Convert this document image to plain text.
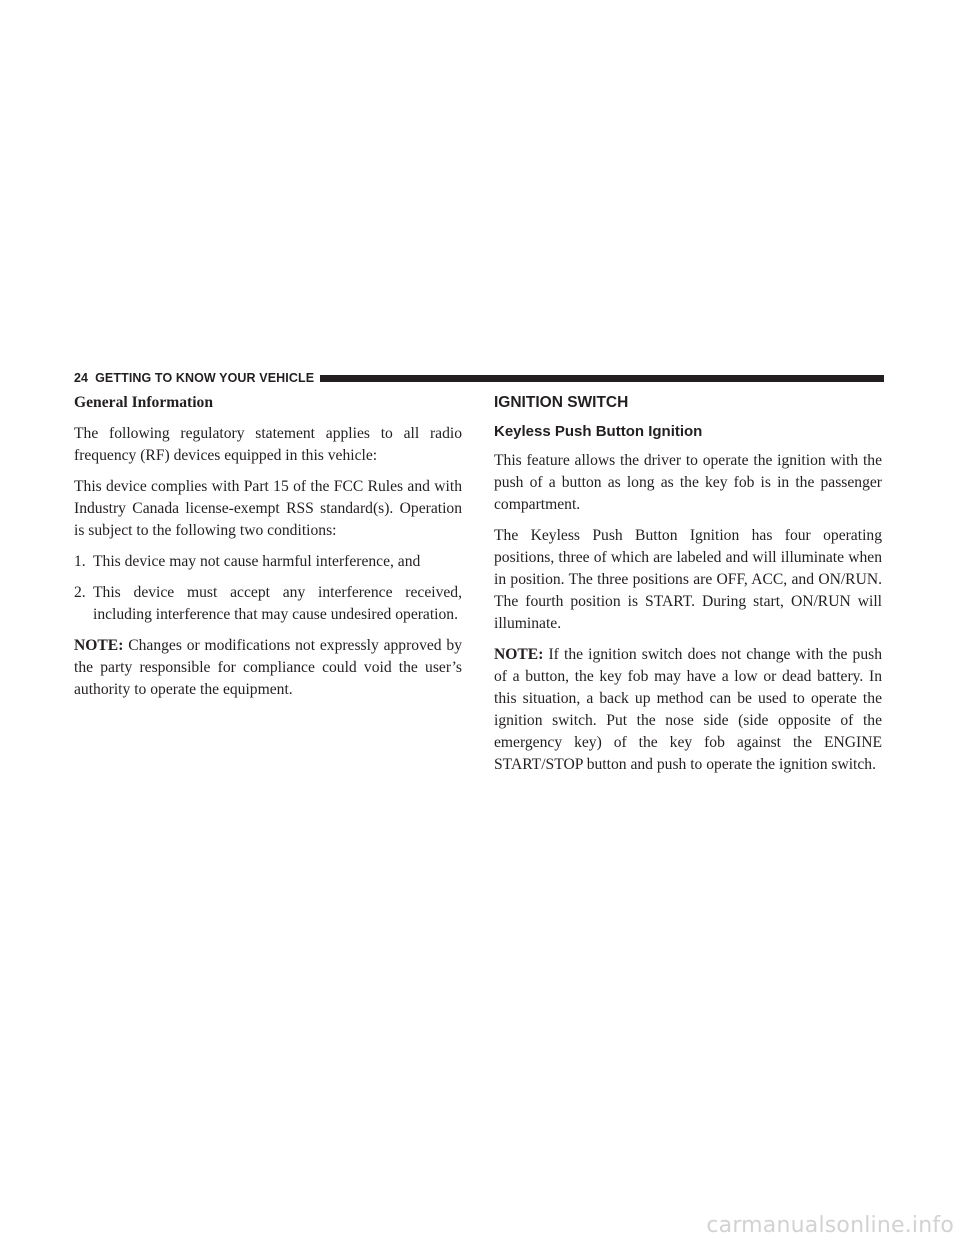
24 GETTING TO KNOW YOUR VEHICLE
General Information

The following regulatory statement applies to all radio frequency (RF) devices equipped in this vehicle:

This device complies with Part 15 of the FCC Rules and with Industry Canada license-exempt RSS standard(s). Operation is subject to the following two conditions:

1. This device may not cause harmful interference, and
2. This device must accept any interference received, including interference that may cause undesired operation.

NOTE: Changes or modifications not expressly approved by the party responsible for compliance could void the user’s authority to operate the equipment.

IGNITION SWITCH
Keyless Push Button Ignition

This feature allows the driver to operate the ignition with the push of a button as long as the key fob is in the passenger compartment.

The Keyless Push Button Ignition has four operating positions, three of which are labeled and will illuminate when in position. The three positions are OFF, ACC, and ON/RUN. The fourth position is START. During start, ON/RUN will illuminate.

NOTE: If the ignition switch does not change with the push of a button, the key fob may have a low or dead battery. In this situation, a back up method can be used to operate the ignition switch. Put the nose side (side opposite of the emergency key) of the key fob against the ENGINE START/STOP button and push to operate the ignition switch.

carmanualsonline.info
